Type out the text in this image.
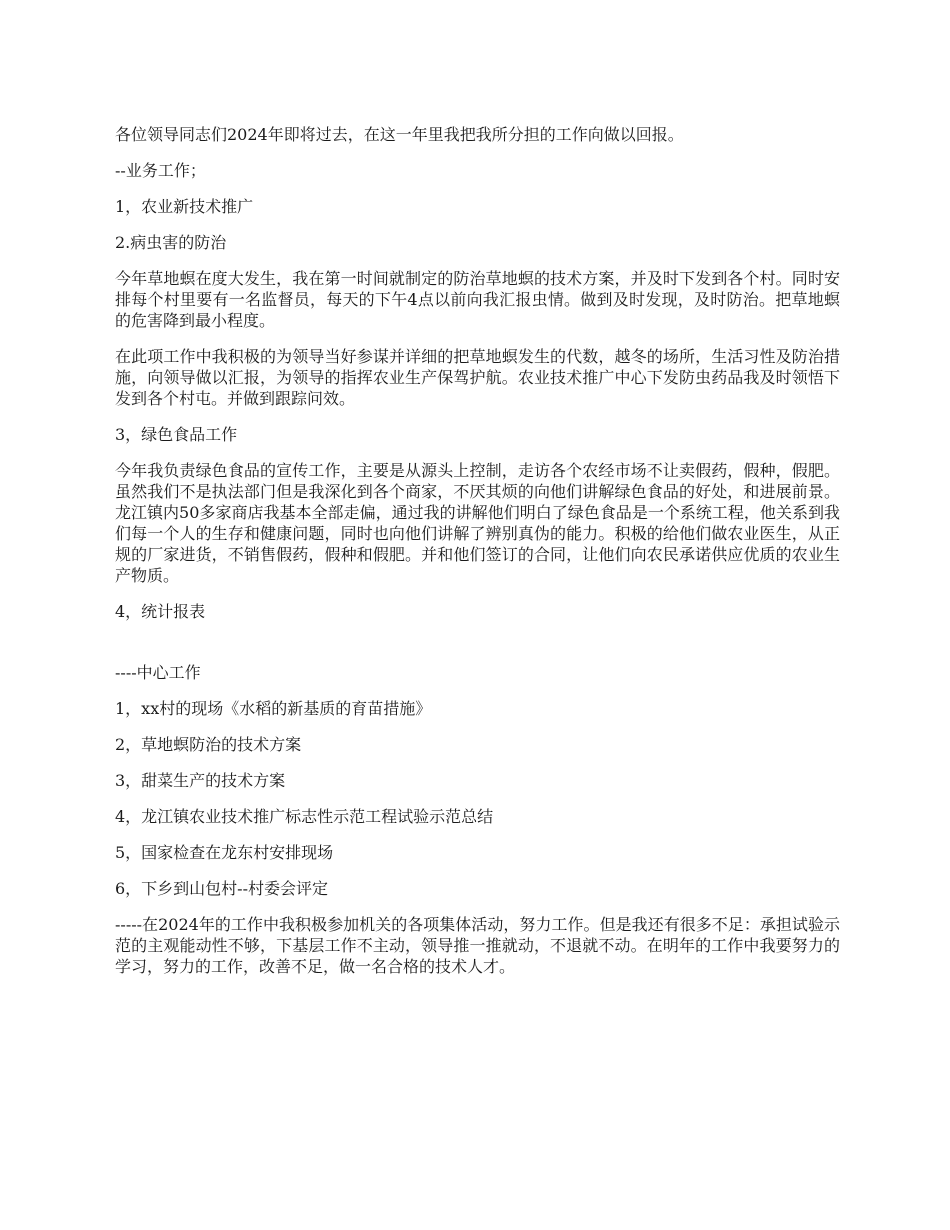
各位领导同志们2024年即将过去，在这一年里我把我所分担的工作向做以回报。

--业务工作；

1，农业新技术推广

2.病虫害的防治

今年草地螟在度大发生，我在第一时间就制定的防治草地螟的技术方案，并及时下发到各个村。同时安排每个村里要有一名监督员，每天的下午4点以前向我汇报虫情。做到及时发现，及时防治。把草地螟的危害降到最小程度。

在此项工作中我积极的为领导当好参谋并详细的把草地螟发生的代数，越冬的场所，生活习性及防治措施，向领导做以汇报，为领导的指挥农业生产保驾护航。农业技术推广中心下发防虫药品我及时领悟下发到各个村屯。并做到跟踪问效。

3，绿色食品工作

今年我负责绿色食品的宣传工作，主要是从源头上控制，走访各个农经市场不让卖假药，假种，假肥。虽然我们不是执法部门但是我深化到各个商家，不厌其烦的向他们讲解绿色食品的好处，和进展前景。龙江镇内50多家商店我基本全部走偏，通过我的讲解他们明白了绿色食品是一个系统工程，他关系到我们每一个人的生存和健康问题，同时也向他们讲解了辨别真伪的能力。积极的给他们做农业医生，从正规的厂家进货，不销售假药，假种和假肥。并和他们签订的合同，让他们向农民承诺供应优质的农业生产物质。

4，统计报表

----中心工作

1，xx村的现场《水稻的新基质的育苗措施》

2，草地螟防治的技术方案

3，甜菜生产的技术方案

4，龙江镇农业技术推广标志性示范工程试验示范总结

5，国家检查在龙东村安排现场

6，下乡到山包村--村委会评定

-----在2024年的工作中我积极参加机关的各项集体活动，努力工作。但是我还有很多不足：承担试验示范的主观能动性不够，下基层工作不主动，领导推一推就动，不退就不动。在明年的工作中我要努力的学习，努力的工作，改善不足，做一名合格的技术人才。
